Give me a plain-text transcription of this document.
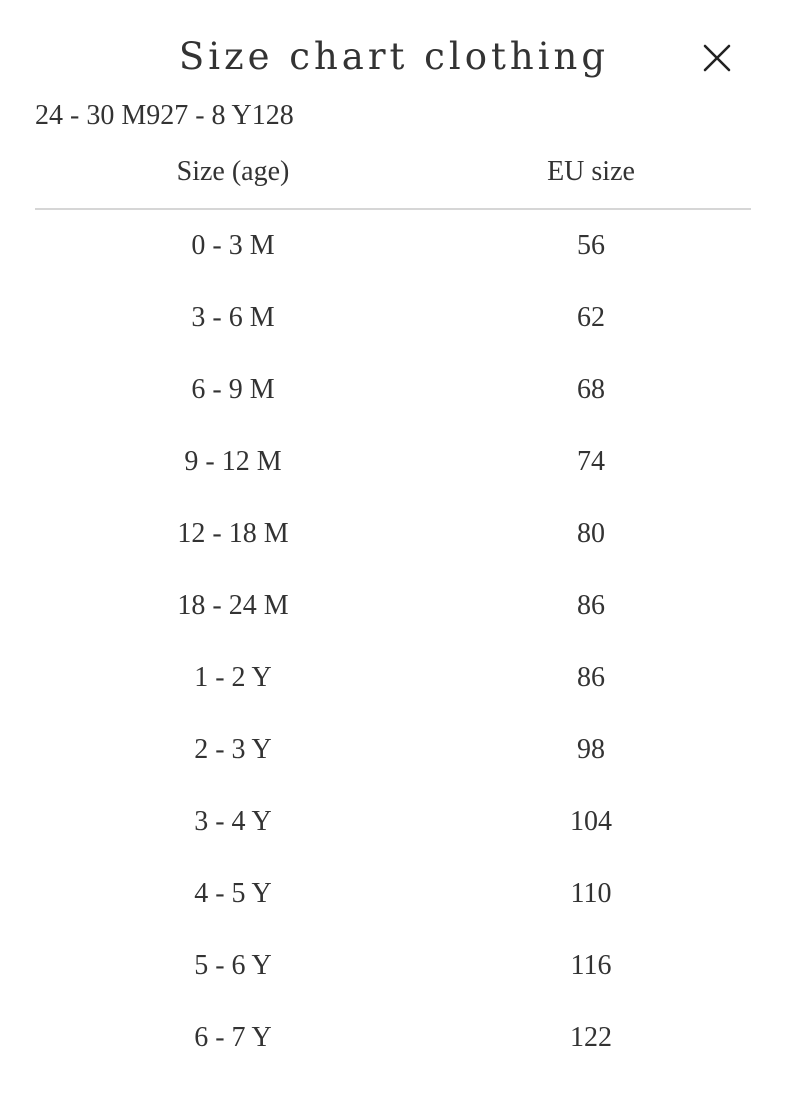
Size chart clothing
24 - 30 M927 - 8 Y128
Size (age)	EU size
0 - 3 M	56
3 - 6 M	62
6 - 9 M	68
9 - 12 M	74
12 - 18 M	80
18 - 24 M	86
1 - 2 Y	86
2 - 3 Y	98
3 - 4 Y	104
4 - 5 Y	110
5 - 6 Y	116
6 - 7 Y	122
